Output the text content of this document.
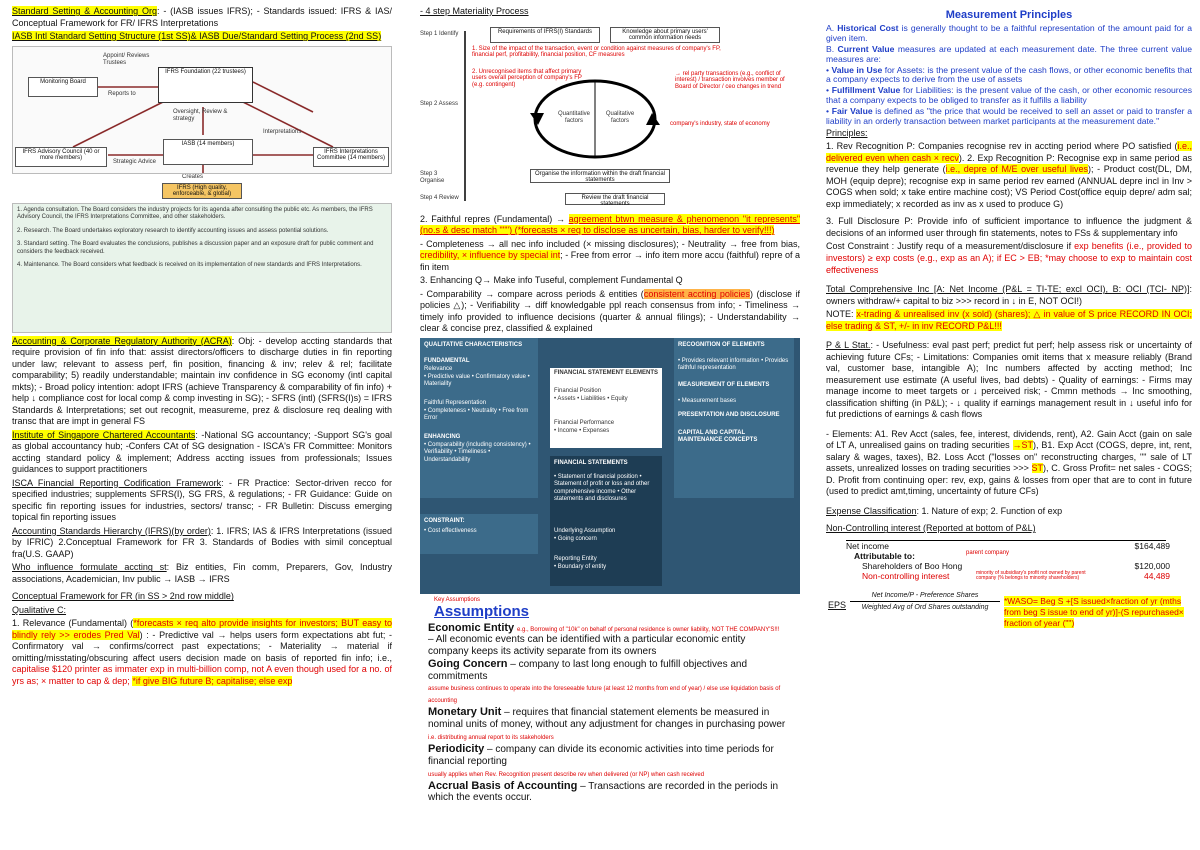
Standard Setting & Accounting Org: - (IASB issues IFRS); - Standards issued: IFRS & IAS/ Conceptual Framework for FR/ IFRS Interpretations

IASB Intl Standard Setting Structure (1st SS)& IASB Due/Standard Setting Process (2nd SS)

Monitoring Board
Appoint/ Reviews Trustees
Reports to
IFRS Foundation (22 trustees)
Oversight, Review & strategy
Interpretations
IFRS Advisory Council (40 or more members)
Strategic Advice
IASB (14 members)
IFRS Interpretations Committee (14 members)
Creates
IFRS (High quality, enforceable, & global)
1. Agenda consultation. The Board considers the industry projects for its agenda after consulting the public etc. As members, the IFRS Advisory Council, the IFRS Interpretations Committee, and other stakeholders.
2. Research. The Board undertakes exploratory research to identify accounting issues and assess potential solutions.
3. Standard setting. The Board evaluates the conclusions, publishes a discussion paper and an exposure draft for public comment and considers the feedback received.
4. Maintenance. The Board considers what feedback is received on its implementation of new standards and IFRS Interpretations.

Accounting & Corporate Regulatory Authority (ACRA): Obj: - develop accting standards that require provision of fin info that: assist directors/officers to discharge duties in fin reporting under law; relevant to assess perf, fin position, financing & inv; relev & rel; facilitate comparability; 5) readily understandable; maintain inv confidence in SG economy (intl capital mkts); - Broad policy intention: adopt IFRS (achieve Transparency & comparability of fin info) + help ↓ compliance cost for local comp & comp investing in SG); - SFRS (intl) (SFRS(I)s) = IFRS Standards & Interpretations; set out recognit, measureme, prez & disclosure req dealing with transc that are impt in general FS

Institute of Singapore Chartered Accountants: -National SG accountancy; -Support SG's goal as global accountancy hub; -Confers CAt of SG designation - ISCA's FR Committee: Monitors accting standard policy & implement; Address accting issues from professionals; Issues guidances to support practitioners

ISCA Financial Reporting Codification Framework: - FR Practice: Sector-driven recco for specified industries; supplements SFRS(I), SG FRS, & regulations; - FR Guidance: Guide on specific fin reporting issues for industries, sectors/ transc; - FR Bulletin: Discuss emerging topical fin reporting issues

Accounting Standards Hierarchy (IFRS)(by order): 1. IFRS; IAS & IFRS Interpretations (issued by IFRIC) 2.Conceptual Framework for FR 3. Standards of Bodies with simil conceptual fra(U.S. GAAP)

Who influence formulate accting st: Biz entities, Fin comm, Preparers, Gov, Industry associations, Academician, Inv public → IASB → IFRS

Conceptual Framework for FR (in SS > 2nd row middle)

Qualitative C:

1. Relevance (Fundamental) (*forecasts × req alto provide insights for investors; BUT easy to blindly rely >> erodes Pred Val) : - Predictive val → helps users form expectations abt fut; - Confirmatory val → confirms/correct past expectations; - Materiality → material if omitting/misstating/obscuring affect users decision made on basis of reported fin info; i.e., capitalise $120 printer as immater exp in multi-billion comp, not A even though used for a no. of yrs as; × matter to cap & dep; *if give BIG future B; capitalise; else exp

- 4 step Materiality Process

Step 1 Identify
Step 2 Assess
Step 3 Organise
Step 4 Review
Requirements of IFRS(I) Standards	Knowledge about primary users' common information needs
1. Size of the impact of the transaction, event or condition against measures of company's FP, financial perf, profitability, financial position, CF measures
2. Unrecognised items that affect primary users overall perception of company's FP (e.g. contingent)
→ rel party transactions (e.g., conflict of interest) / transaction involves member of Board of Director / ceo changes in trend
Quantitative factors
Qualitative factors	company's industry, state of economy
Organise the information within the draft financial statements
Review the draft financial statements

2. Faithful repres (Fundamental) → agreement btwn measure & phenomenon "it represents" (no.s & desc match """) (*forecasts × req to disclose as uncertain, bias, harder to verify!!!)

- Completeness → all nec info included (× missing disclosures); - Neutrality → free from bias, credibility, × influence by special int; - Free from error → info item more accu (faithful) repre of a fin item

3. Enhancing Q→ Make info Tuseful, complement Fundamental Q

- Comparability → compare across periods & entities (consistent accting policies) (disclose if policies △); - Verifiability → diff knowledgable ppl reach consensus from info; - Timeliness → timely info provided to influence decisions (quarter & annual filings); - Understandability → clear & concise prez, classified & explained

QUALITATIVE CHARACTERISTICS
FUNDAMENTAL
Relevance
• Predictive value • Confirmatory value • Materiality
Faithful Representation
• Completeness • Neutrality • Free from Error
ENHANCING
• Comparability (including consistency) • Verifiability • Timeliness • Understandability
FINANCIAL STATEMENT ELEMENTS
Financial Position
• Assets • Liabilities • Equity
Financial Performance
• Income • Expenses
RECOGNITION OF ELEMENTS
• Provides relevant information • Provides faithful representation
MEASUREMENT OF ELEMENTS
• Measurement bases
PRESENTATION AND DISCLOSURE
CAPITAL AND CAPITAL MAINTENANCE CONCEPTS
FINANCIAL STATEMENTS
• Statement of financial position • Statement of profit or loss and other comprehensive income • Other statements and disclosures
Underlying Assumption
• Going concern
Reporting Entity
• Boundary of entity
CONSTRAINT:
• Cost effectiveness
Key Assumptions

Assumptions

Economic Entity e.g., Borrowing of "10k" on behalf of personal residence is owner liability, NOT THE COMPANY'S!!!
– All economic events can be identified with a particular economic entity
company keeps its activity separate from its owners

Going Concern – company to last long enough to fulfill objectives and commitments
assume business continues to operate into the foreseeable future (at least 12 months from end of year) / else use liquidation basis of accounting

Monetary Unit – requires that financial statement elements be measured in nominal units of money, without any adjustment for changes in purchasing power

i.e. distributing annual report to its stakeholders
Periodicity – company can divide its economic activities into time periods for financial reporting

usually applies when Rev. Recognition present describe rev when delivered (or NP) when cash received
Accrual Basis of Accounting – Transactions are recorded in the periods in which the events occur.

Measurement Principles

A. Historical Cost is generally thought to be a faithful representation of the amount paid for a given item.

B. Current Value measures are updated at each measurement date. The three current value measures are:

• Value in Use for Assets: is the present value of the cash flows, or other economic benefits that a company expects to derive from the use of assets

• Fulfillment Value for Liabilities: is the present value of the cash, or other economic resources that a company expects to be obliged to transfer as it fulfills a liability

• Fair Value is defined as "the price that would be received to sell an asset or paid to transfer a liability in an orderly transaction between market participants at the measurement date."

Principles:

1. Rev Recognition P: Companies recognise rev in accting period where PO satisfied (i.e., delivered even when cash × recv). 2. Exp Recognition P: Recognise exp in same period as revenue they help generate (i.e., depre of M/E over useful lives); - Product cost(DL, DM, MOH (equip depre); recognise exp in same period rev earned (ANNUAL depre incl in Inv > COGS when sold; x take entire machine cost); VS Period Cost(office equip depre/ adm sal; exp immediately; x recorded as inv as x used to produce G)

3. Full Disclosure P: Provide info of sufficient importance to influence the judgment & decisions of an informed user through fin statements, notes to FSs & supplementary info

Cost Constraint : Justify requ of a measurement/disclosure if exp benefits (i.e., provided to investors) ≥ exp costs (e.g., exp as an A); if EC > EB; *may choose to exp to maintain cost effectiveness

Total Comprehensive Inc [A: Net Income (P&L = TI-TE; excl OCI), B: OCI (TCI- NP)]: owners withdraw/+ capital to biz >>> record in ↓ in E, NOT OCI!)

NOTE: x-trading & unrealised inv (x sold) (shares); △ in value of S price RECORD IN OCI; else trading & ST, +/- in inv RECORD P&L!!!

P & L Stat.: - Usefulness: eval past perf; predict fut perf; help assess risk or uncertainty of achieving future CFs; - Limitations: Companies omit items that x measure reliably (Brand val, customer base, intangible A); Inc numbers affected by accting method; Inc measurement use estimate (A useful lives, bad debts) - Quality of earnings: - Firms may manage income to meet targets or ↓ perceived risk; - Cmmn methods → Inc smoothing, classification shifting (in P&L); - ↓ quality if earnings management result in ↓ useful info for fut predictions of earnings & cash flows

- Elements: A1. Rev Acct (sales, fee, interest, dividends, rent), A2. Gain Acct (gain on sale of LT A, unrealised gains on trading securities →ST), B1. Exp Acct (COGS, depre, int, rent, salary & wages, taxes), B2. Loss Acct ("losses on" reconstructing charges, "" sale of LT assets, unrealized losses on trading securities >>> ST), C. Gross Profit= net sales - COGS; D. Profit from continuing oper: rev, exp, gains & losses from oper that are to cont in future (used to predict amt,timing, uncertainty of future CFs)

Expense Classification: 1. Nature of exp; 2. Function of exp

Non-Controlling interest (Reported at bottom of P&L)

Net income	$164,489
Attributable to:	parent company
Shareholders of Boo Hong	$120,000
Non-controlling interest	minority of subsidiary's profit not owned by parent company (% belongs to minority shareholders)	44,489
EPS
Net Income/P - Preference Shares
Weighted Avg of Ord Shares outstanding
*WASO= Beg S +[S issued×fraction of yr (mths from beg S issue to end of yr)]-(S repurchased× fraction of year ("")
